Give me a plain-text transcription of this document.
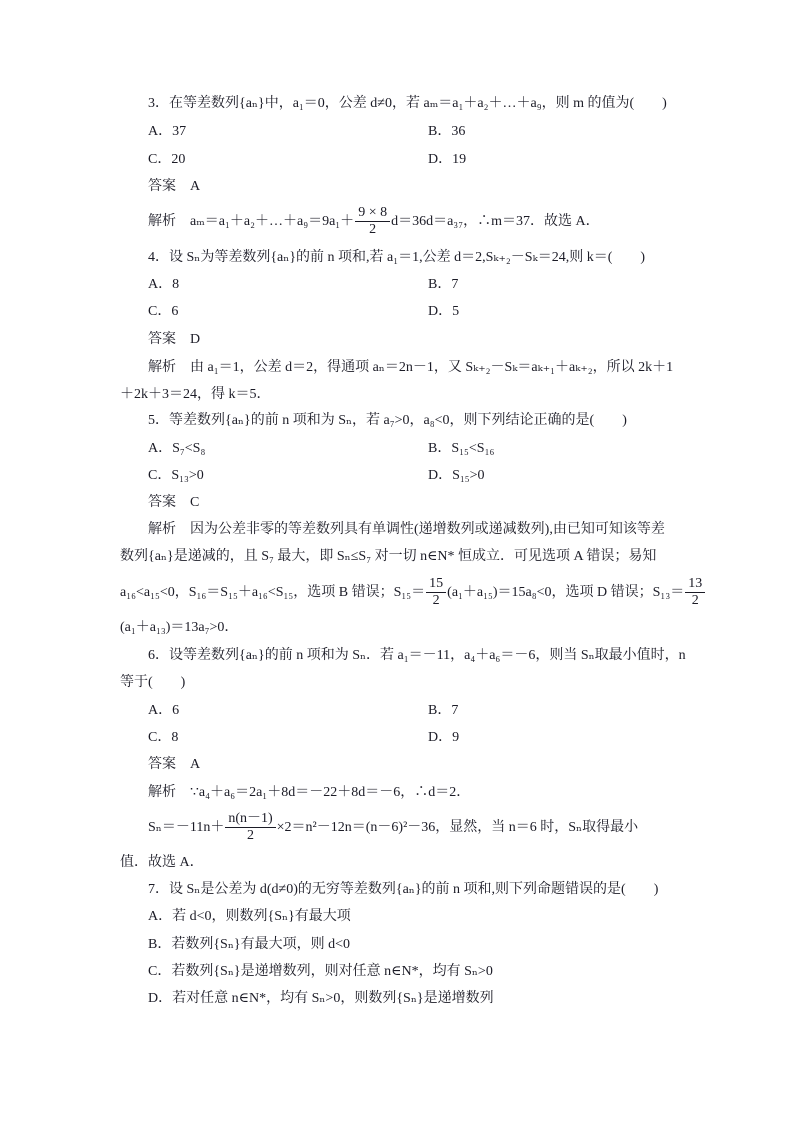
3．在等差数列{aₙ}中，a₁＝0，公差 d≠0，若 aₘ＝a₁＋a₂＋…＋a₉，则 m 的值为(　　)
A．37	B．36
C．20	D．19
答案 A
解析 aₘ＝a₁＋a₂＋…＋a₉＝9a₁＋ $\frac{9 \times 8}{2} d=36d=a_{37}$，∴m＝37．故选 A．
4．设 Sₙ为等差数列{aₙ}的前 n 项和,若 a₁＝1,公差 d＝2,Sₖ₊₂－Sₖ＝24,则 k＝(　　)
A．8	B．7
C．6	D．5
答案 D
解析 由 a₁＝1，公差 d＝2，得通项 aₙ＝2n－1，又 Sₖ₊₂－Sₖ＝aₖ₊₁＋aₖ₊₂，所以 2k＋1
＋2k＋3＝24，得 k＝5．
5．等差数列{aₙ}的前 n 项和为 Sₙ，若 a₇>0，a₈<0，则下列结论正确的是(　　)
A．S₇<S₈	B．S₁₅<S₁₆
C．S₁₃>0	D．S₁₅>0
答案 C
解析 因为公差非零的等差数列具有单调性(递增数列或递减数列),由已知可知该等差
数列{aₙ}是递减的，且 S₇ 最大，即 Sₙ≤S₇ 对一切 n∈N* 恒成立．可见选项 A 错误；易知
a₁₆<a₁₅<0，S₁₆＝S₁₅＋a₁₆<S₁₅，选项 B 错误；$S_{15}= \frac{15}{2} (a_1+a_{15})=15a_8<0$，选项 D 错误；$S_{13}= \frac{13}{2}$
(a₁＋a₁₃)＝13a₇>0．
6．设等差数列{aₙ}的前 n 项和为 Sₙ．若 a₁＝－11，a₄＋a₆＝－6，则当 Sₙ取最小值时，n
等于(　　)
A．6	B．7
C．8	D．9
答案 A
解析 ∵a₄＋a₆＝2a₁＋8d＝－22＋8d＝－6，∴d＝2．
$S_n=-11n+ \frac{n(n-1)}{2} \times 2=n^2-12n=(n-6)^2-36$，显然，当 n＝6 时，Sₙ取得最小
值．故选 A．
7．设 Sₙ是公差为 d(d≠0)的无穷等差数列{aₙ}的前 n 项和,则下列命题错误的是(　　)
A．若 d<0，则数列{Sₙ}有最大项
B．若数列{Sₙ}有最大项，则 d<0
C．若数列{Sₙ}是递增数列，则对任意 n∈N*，均有 Sₙ>0
D．若对任意 n∈N*，均有 Sₙ>0，则数列{Sₙ}是递增数列
